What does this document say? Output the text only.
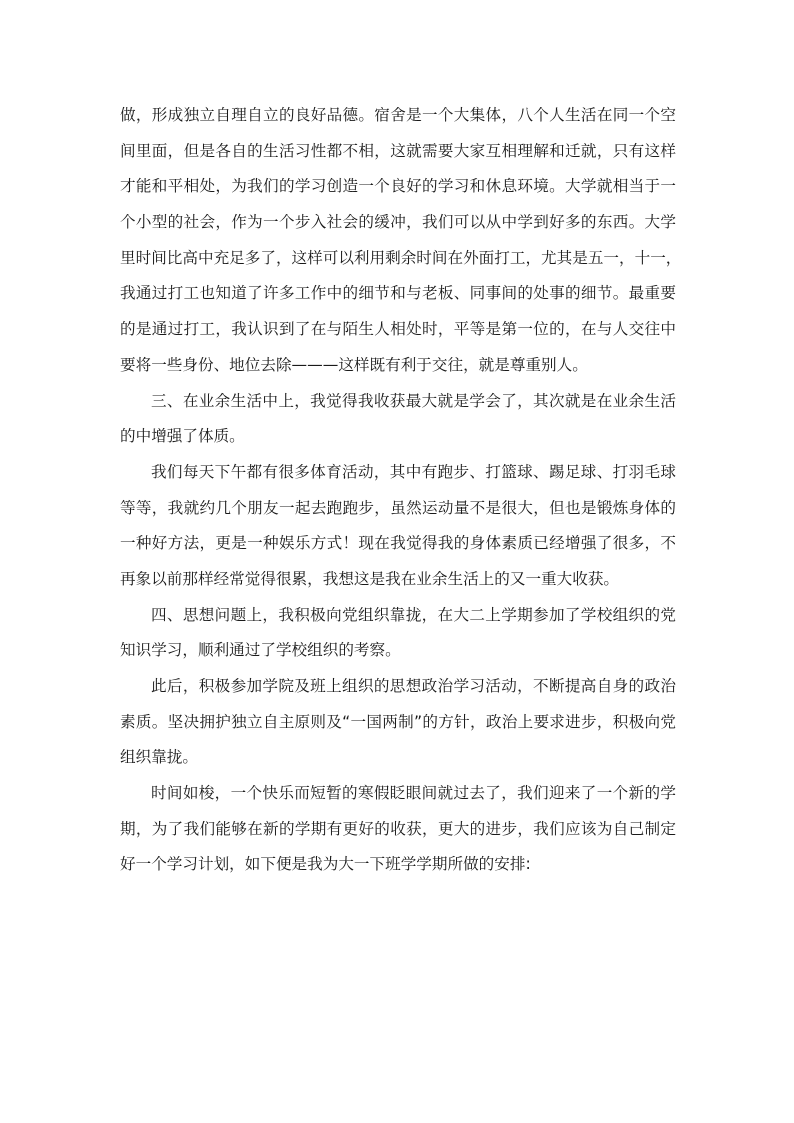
做，形成独立自理自立的良好品德。宿舍是一个大集体，八个人生活在同一个空
间里面，但是各自的生活习性都不相，这就需要大家互相理解和迁就，只有这样
才能和平相处，为我们的学习创造一个良好的学习和休息环境。大学就相当于一
个小型的社会，作为一个步入社会的缓冲，我们可以从中学到好多的东西。大学
里时间比高中充足多了，这样可以利用剩余时间在外面打工，尤其是五一，十一，
我通过打工也知道了许多工作中的细节和与老板、同事间的处事的细节。最重要
的是通过打工，我认识到了在与陌生人相处时，平等是第一位的，在与人交往中
要将一些身份、地位去除———这样既有利于交往，就是尊重别人。
三、在业余生活中上，我觉得我收获最大就是学会了，其次就是在业余生活
的中增强了体质。
我们每天下午都有很多体育活动，其中有跑步、打篮球、踢足球、打羽毛球
等等，我就约几个朋友一起去跑跑步，虽然运动量不是很大，但也是锻炼身体的
一种好方法，更是一种娱乐方式！现在我觉得我的身体素质已经增强了很多，不
再象以前那样经常觉得很累，我想这是我在业余生活上的又一重大收获。
四、思想问题上，我积极向党组织靠拢，在大二上学期参加了学校组织的党
知识学习，顺利通过了学校组织的考察。
此后，积极参加学院及班上组织的思想政治学习活动，不断提高自身的政治
素质。坚决拥护独立自主原则及“一国两制”的方针，政治上要求进步，积极向党
组织靠拢。
时间如梭，一个快乐而短暂的寒假眨眼间就过去了，我们迎来了一个新的学
期，为了我们能够在新的学期有更好的收获，更大的进步，我们应该为自己制定
好一个学习计划，如下便是我为大一下班学学期所做的安排:
